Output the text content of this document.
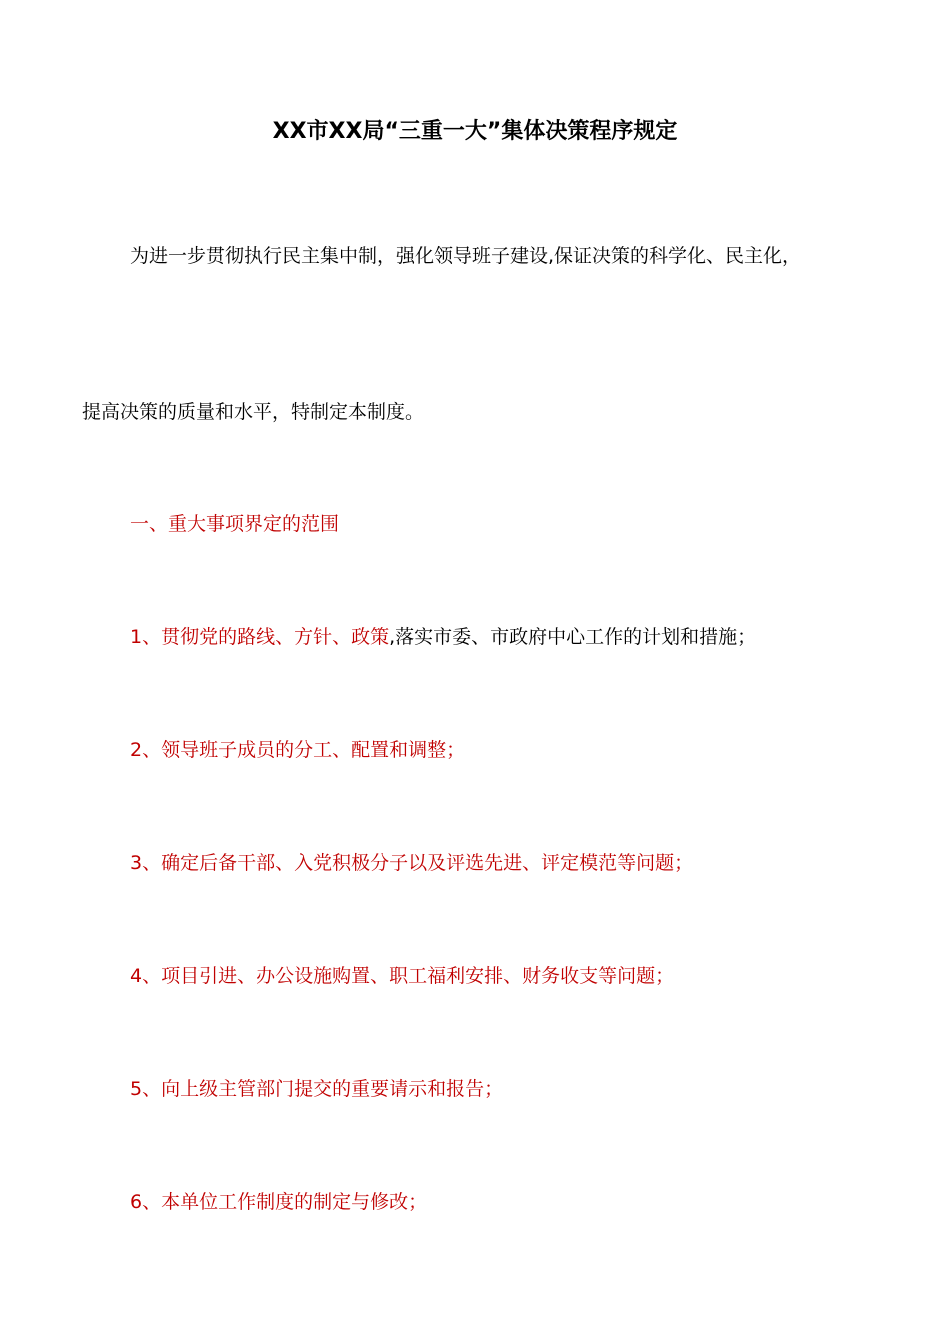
XX市XX局“三重一大”集体决策程序规定
为进一步贯彻执行民主集中制，强化领导班子建设,保证决策的科学化、民主化，
提高决策的质量和水平，特制定本制度。
一、重大事项界定的范围
1、贯彻党的路线、方针、政策,落实市委、市政府中心工作的计划和措施；
2、领导班子成员的分工、配置和调整；
3、确定后备干部、入党积极分子以及评选先进、评定模范等问题；
4、项目引进、办公设施购置、职工福利安排、财务收支等问题；
5、向上级主管部门提交的重要请示和报告；
6、本单位工作制度的制定与修改；
